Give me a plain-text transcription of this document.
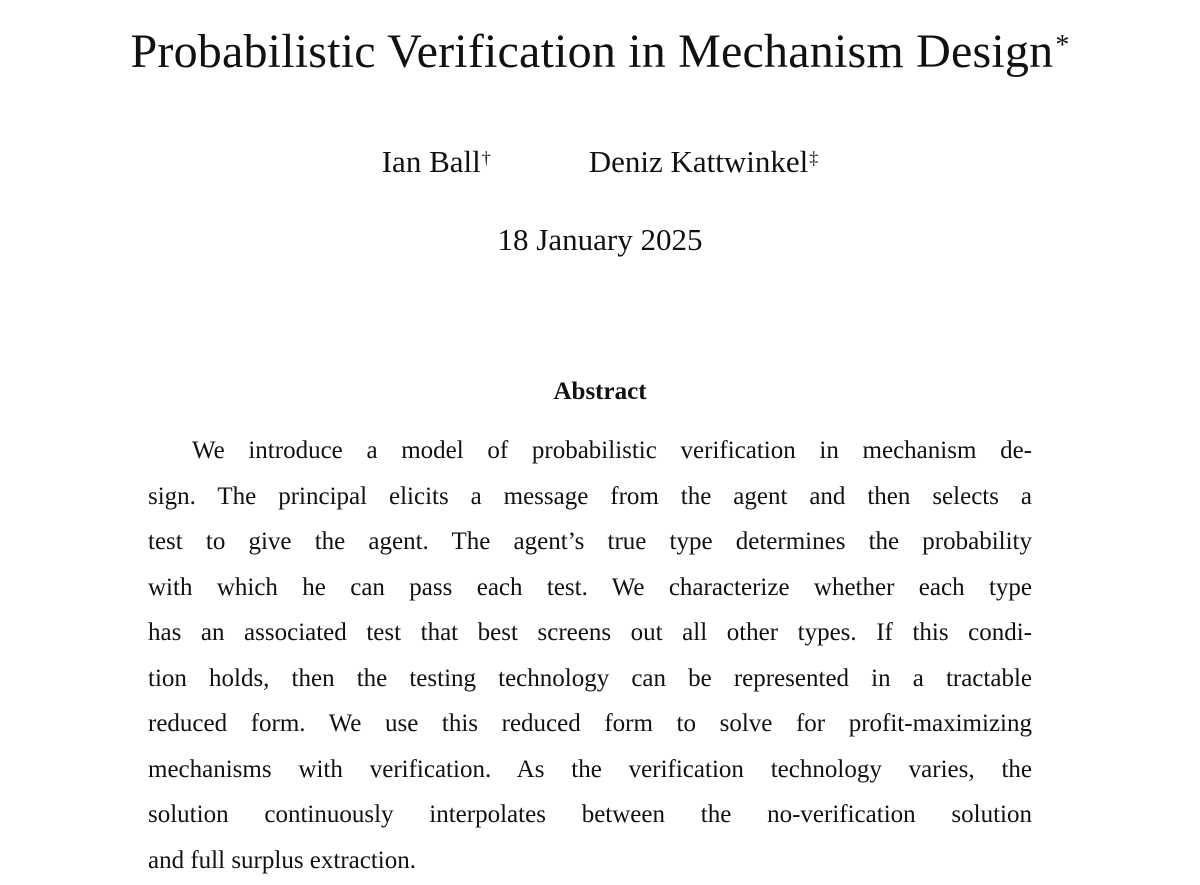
Probabilistic Verification in Mechanism Design*
Ian Ball†	Deniz Kattwinkel‡
18 January 2025
Abstract
We introduce a model of probabilistic verification in mechanism de-
sign. The principal elicits a message from the agent and then selects a
test to give the agent. The agent’s true type determines the probability
with which he can pass each test. We characterize whether each type
has an associated test that best screens out all other types. If this condi-
tion holds, then the testing technology can be represented in a tractable
reduced form. We use this reduced form to solve for profit-maximizing
mechanisms with verification. As the verification technology varies, the
solution continuously interpolates between the no-verification solution
and full surplus extraction.
